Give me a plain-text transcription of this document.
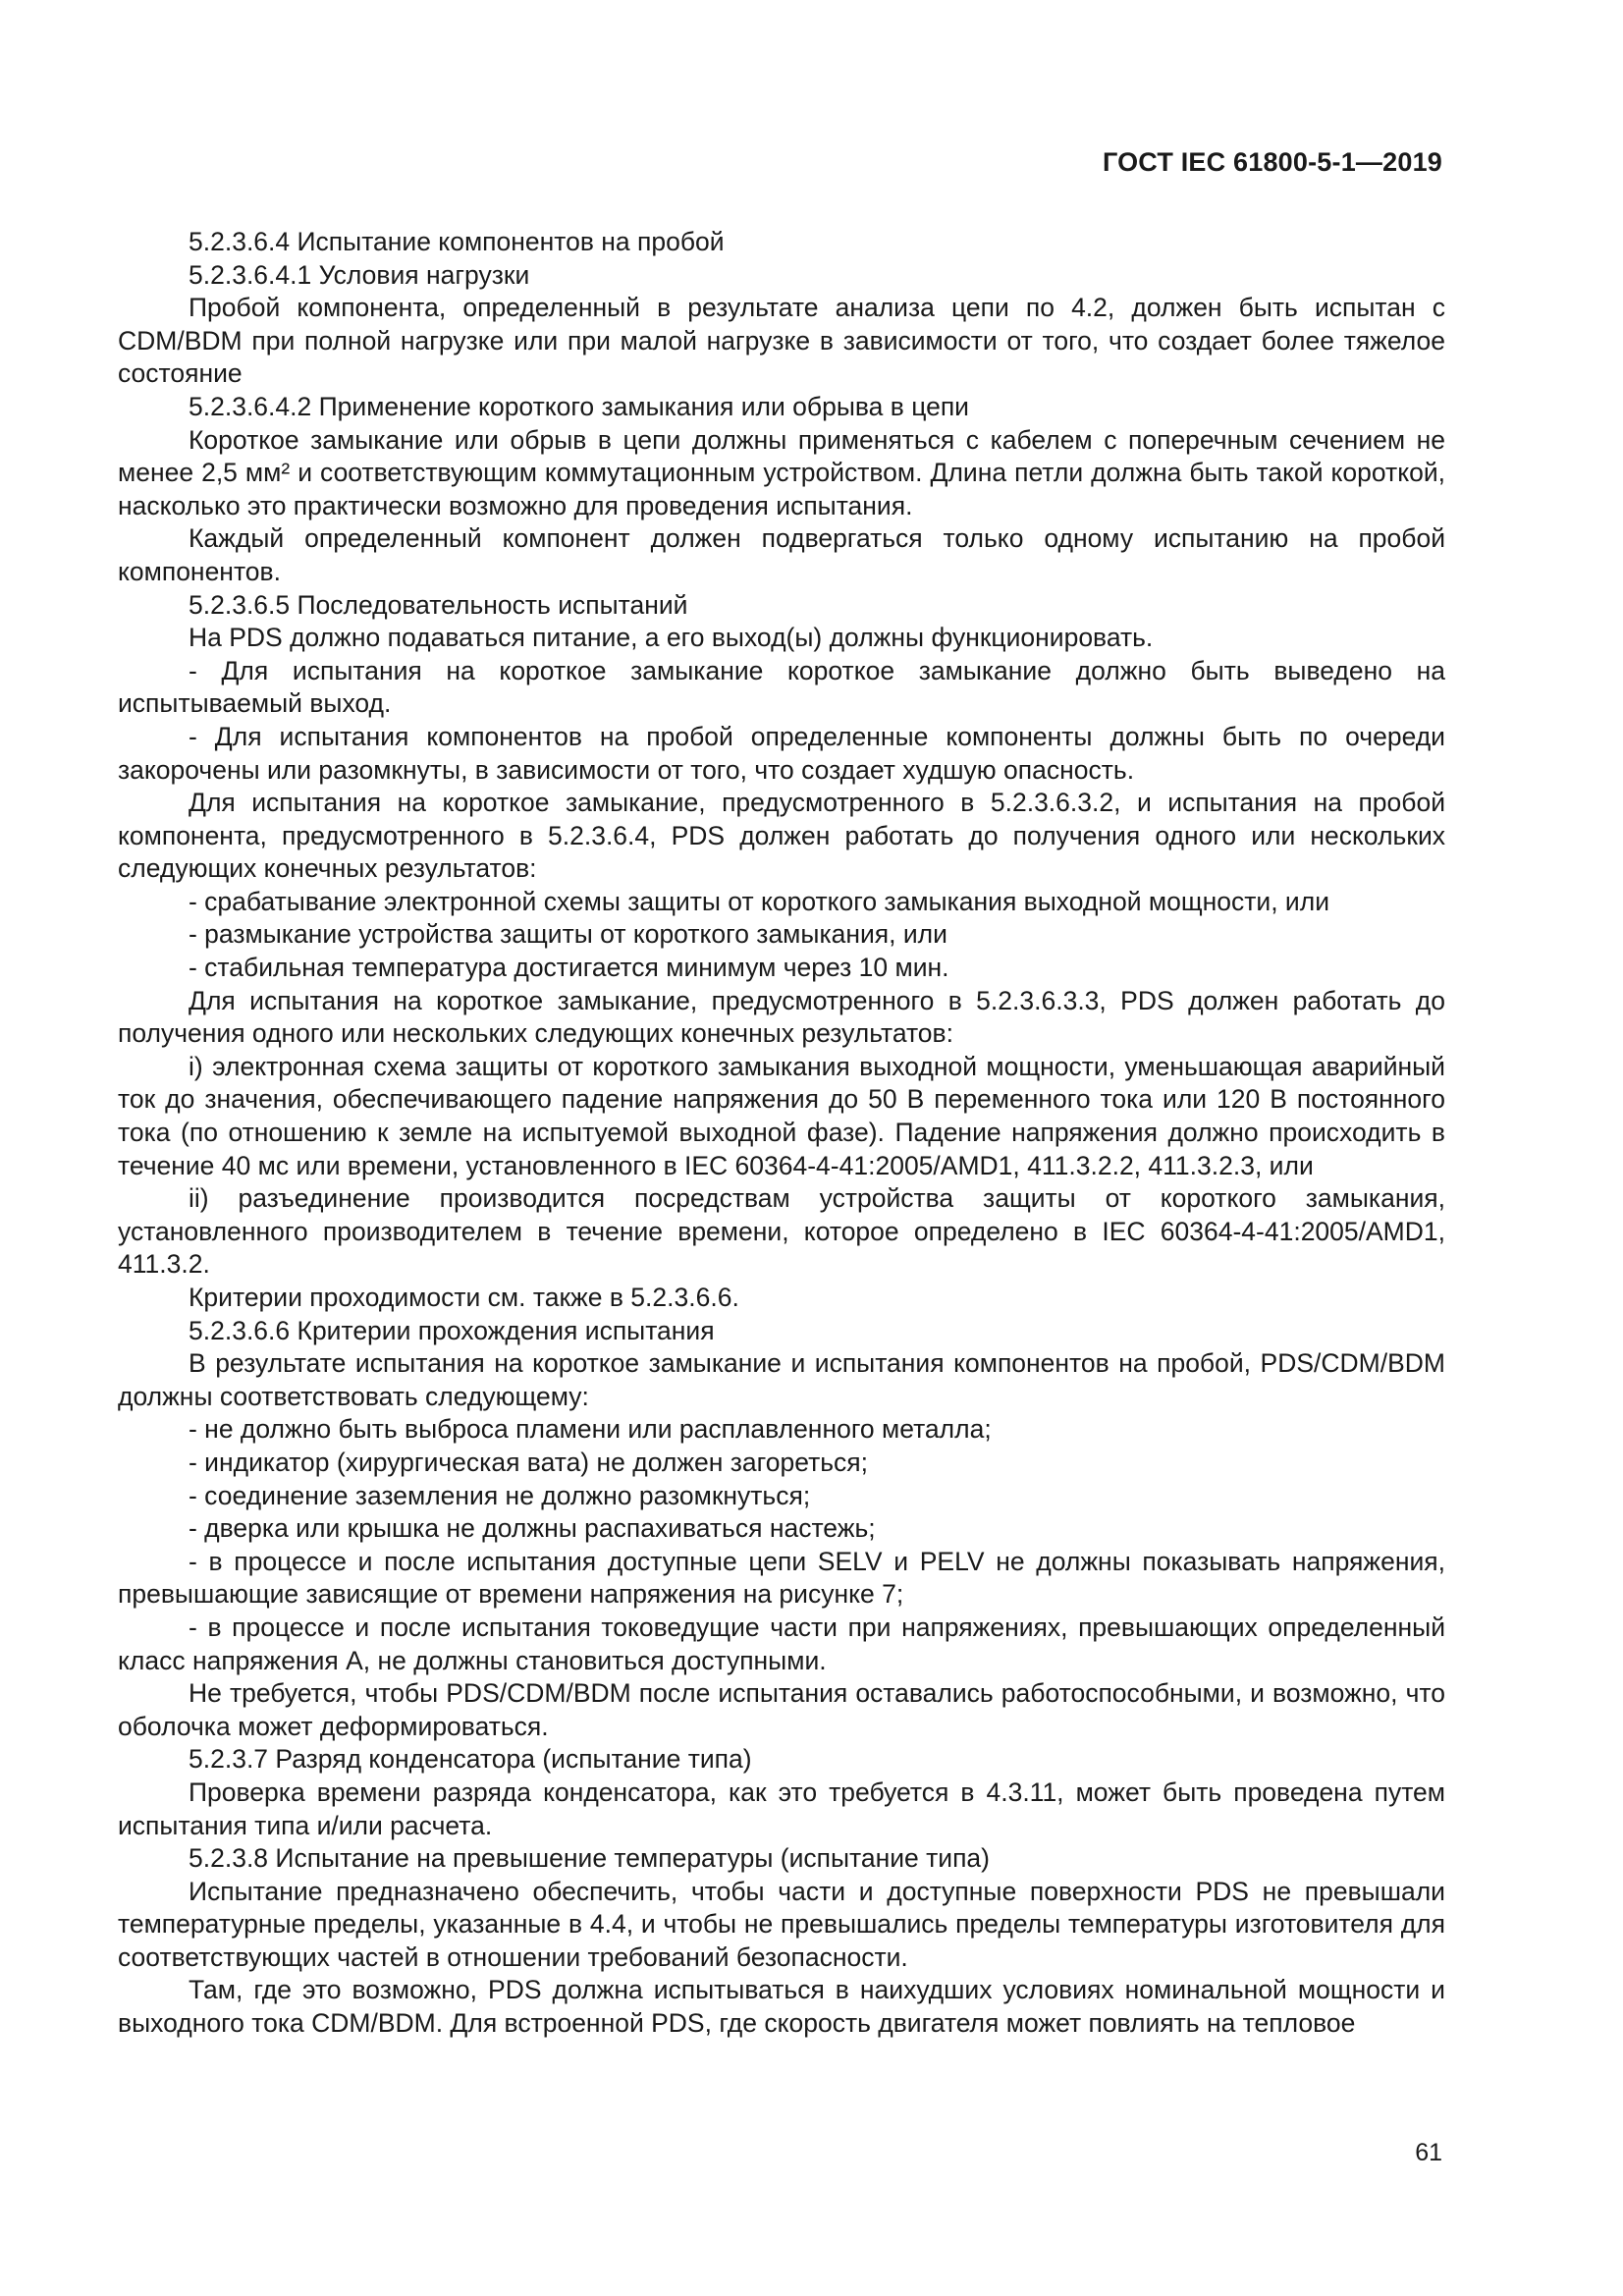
ГОСТ IEC 61800-5-1—2019

5.2.3.6.4 Испытание компонентов на пробой

5.2.3.6.4.1 Условия нагрузки

Пробой компонента, определенный в результате анализа цепи по 4.2, должен быть испытан с CDM/BDM при полной нагрузке или при малой нагрузке в зависимости от того, что создает более тяжелое состояние

5.2.3.6.4.2 Применение короткого замыкания или обрыва в цепи

Короткое замыкание или обрыв в цепи должны применяться с кабелем с поперечным сечением не менее 2,5 мм² и соответствующим коммутационным устройством. Длина петли должна быть такой короткой, насколько это практически возможно для проведения испытания.

Каждый определенный компонент должен подвергаться только одному испытанию на пробой компонентов.

5.2.3.6.5 Последовательность испытаний

На PDS должно подаваться питание, а его выход(ы) должны функционировать.

- Для испытания на короткое замыкание короткое замыкание должно быть выведено на испытываемый выход.

- Для испытания компонентов на пробой определенные компоненты должны быть по очереди закорочены или разомкнуты, в зависимости от того, что создает худшую опасность.

Для испытания на короткое замыкание, предусмотренного в 5.2.3.6.3.2, и испытания на пробой компонента, предусмотренного в 5.2.3.6.4, PDS должен работать до получения одного или нескольких следующих конечных результатов:

- срабатывание электронной схемы защиты от короткого замыкания выходной мощности, или

- размыкание устройства защиты от короткого замыкания, или

- стабильная температура достигается минимум через 10 мин.

Для испытания на короткое замыкание, предусмотренного в 5.2.3.6.3.3, PDS должен работать до получения одного или нескольких следующих конечных результатов:

i) электронная схема защиты от короткого замыкания выходной мощности, уменьшающая аварийный ток до значения, обеспечивающего падение напряжения до 50 В переменного тока или 120 В постоянного тока (по отношению к земле на испытуемой выходной фазе). Падение напряжения должно происходить в течение 40 мс или времени, установленного в IEC 60364-4-41:2005/AMD1, 411.3.2.2, 411.3.2.3, или

ii) разъединение производится посредствам устройства защиты от короткого замыкания, установленного производителем в течение времени, которое определено в IEC 60364-4-41:2005/AMD1, 411.3.2.

Критерии проходимости см. также в 5.2.3.6.6.

5.2.3.6.6 Критерии прохождения испытания

В результате испытания на короткое замыкание и испытания компонентов на пробой, PDS/CDM/BDM должны соответствовать следующему:

- не должно быть выброса пламени или расплавленного металла;

- индикатор (хирургическая вата) не должен загореться;

- соединение заземления не должно разомкнуться;

- дверка или крышка не должны распахиваться настежь;

- в процессе и после испытания доступные цепи SELV и PELV не должны показывать напряжения, превышающие зависящие от времени напряжения на рисунке 7;

- в процессе и после испытания токоведущие части при напряжениях, превышающих определенный класс напряжения А, не должны становиться доступными.

Не требуется, чтобы PDS/CDM/BDM после испытания оставались работоспособными, и возможно, что оболочка может деформироваться.

5.2.3.7 Разряд конденсатора (испытание типа)

Проверка времени разряда конденсатора, как это требуется в 4.3.11, может быть проведена путем испытания типа и/или расчета.

5.2.3.8 Испытание на превышение температуры (испытание типа)

Испытание предназначено обеспечить, чтобы части и доступные поверхности PDS не превышали температурные пределы, указанные в 4.4, и чтобы не превышались пределы температуры изготовителя для соответствующих частей в отношении требований безопасности.

Там, где это возможно, PDS должна испытываться в наихудших условиях номинальной мощности и выходного тока CDM/BDM. Для встроенной PDS, где скорость двигателя может повлиять на тепловое

61
